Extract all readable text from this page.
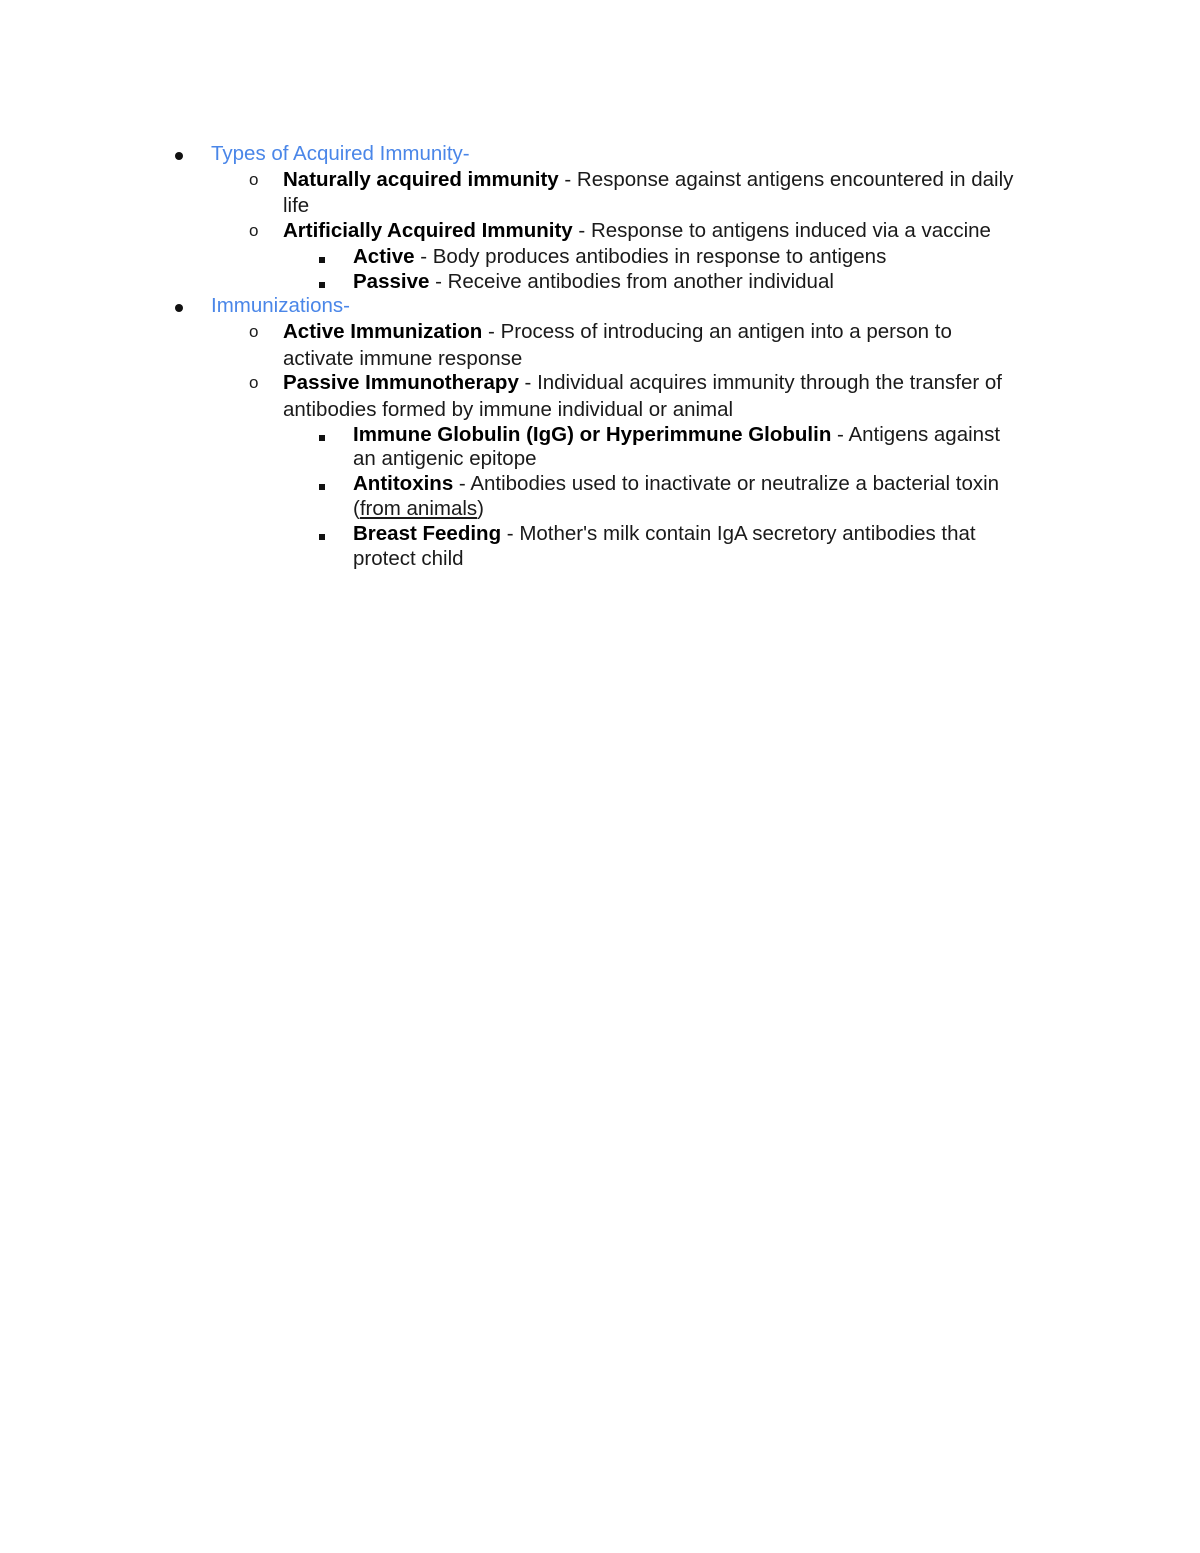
Types of Acquired Immunity-
o Naturally acquired immunity - Response against antigens encountered in daily
life
o Artificially Acquired Immunity - Response to antigens induced via a vaccine
Active - Body produces antibodies in response to antigens
Passive - Receive antibodies from another individual
Immunizations-
o Active Immunization - Process of introducing an antigen into a person to
activate immune response
o Passive Immunotherapy - Individual acquires immunity through the transfer of
antibodies formed by immune individual or animal
Immune Globulin (IgG) or Hyperimmune Globulin - Antigens against
an antigenic epitope
Antitoxins - Antibodies used to inactivate or neutralize a bacterial toxin
(from animals)
Breast Feeding - Mother's milk contain IgA secretory antibodies that
protect child
